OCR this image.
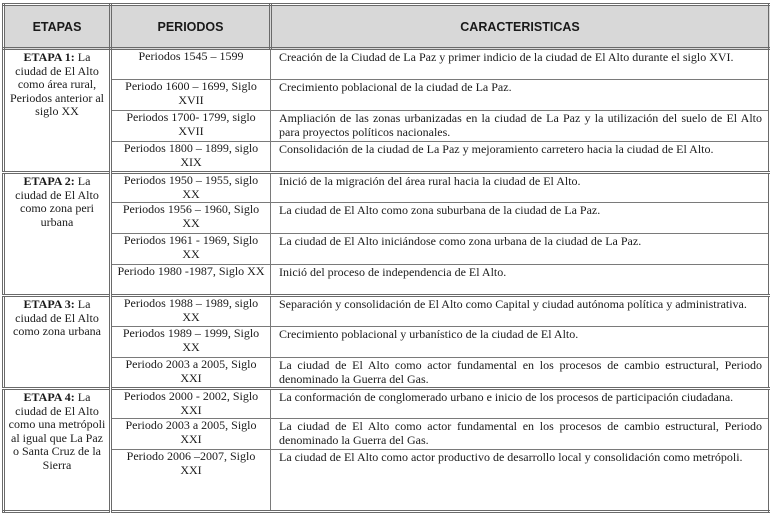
ETAPAS	PERIODOS	CARACTERISTICAS
ETAPA 1: La ciudad de El Alto como área rural, Periodos anterior al siglo XX	Periodos 1545 – 1599	Creación de la Ciudad de La Paz y primer indicio de la ciudad de El Alto durante el siglo XVI.
	Periodo 1600 – 1699, Siglo XVII	Crecimiento poblacional de la ciudad de La Paz.
	Periodos 1700- 1799, siglo XVII	Ampliación de las zonas urbanizadas en la ciudad de La Paz y la utilización del suelo de El Alto para proyectos políticos nacionales.
	Periodos 1800 – 1899, siglo XIX	Consolidación de la ciudad de La Paz y mejoramiento carretero hacia la ciudad de El Alto.
ETAPA 2: La ciudad de El Alto como zona peri urbana	Periodos 1950 – 1955, siglo XX	Inició de la migración del área rural hacia la ciudad de El Alto.
	Periodos 1956 – 1960, Siglo XX	La ciudad de El Alto como zona suburbana de la ciudad de La Paz.
	Periodos 1961 - 1969, Siglo XX	La ciudad de El Alto iniciándose como zona urbana de la ciudad de La Paz.
	Periodo 1980 -1987, Siglo XX	Inició del proceso de independencia de El Alto.
ETAPA 3: La ciudad de El Alto como zona urbana	Periodos 1988 – 1989, siglo XX	Separación y consolidación de El Alto como Capital y ciudad autónoma política y administrativa.
	Periodos 1989 – 1999, Siglo XX	Crecimiento poblacional y urbanístico de la ciudad de El Alto.
	Periodo 2003 a 2005, Siglo XXI	La ciudad de El Alto como actor fundamental en los procesos de cambio estructural, Periodo denominado la Guerra del Gas.
ETAPA 4: La ciudad de El Alto como una metrópoli al igual que La Paz o Santa Cruz de la Sierra	Periodos 2000 - 2002, Siglo XXI	La conformación de conglomerado urbano e inicio de los procesos de participación ciudadana.
	Periodo 2003 a 2005, Siglo XXI	La ciudad de El Alto como actor fundamental en los procesos de cambio estructural, Periodo denominado la Guerra del Gas.
	Periodo 2006 –2007, Siglo XXI	La ciudad de El Alto como actor productivo de desarrollo local y consolidación como metrópoli.
